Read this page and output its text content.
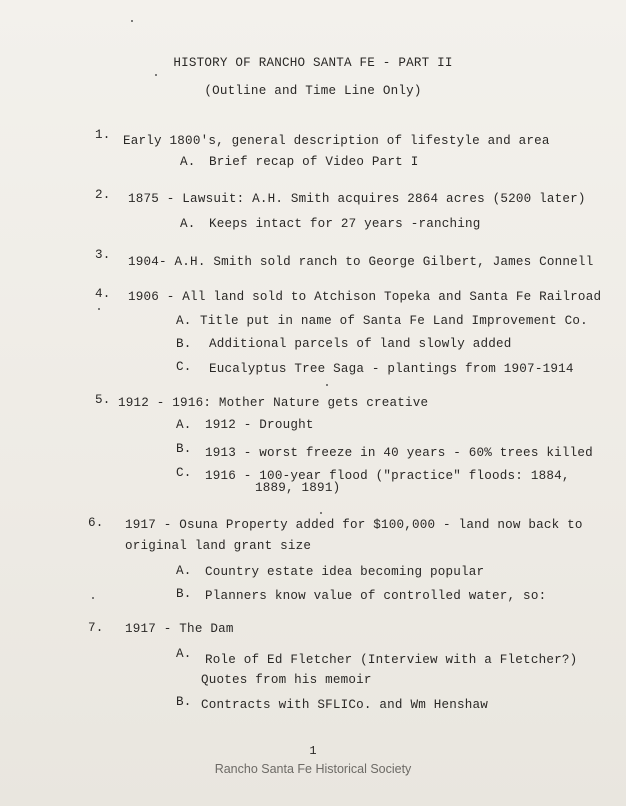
HISTORY OF RANCHO SANTA FE - PART II
(Outline and Time Line Only)
1. Early 1800's, general description of lifestyle and area
A. Brief recap of Video Part I
2. 1875 - Lawsuit: A.H. Smith acquires 2864 acres (5200 later)
A. Keeps intact for 27 years -ranching
3. 1904- A.H. Smith sold ranch to George Gilbert, James Connell
4. 1906 - All land sold to Atchison Topeka and Santa Fe Railroad
A. Title put in name of Santa Fe Land Improvement Co.
B. Additional parcels of land slowly added
C. Eucalyptus Tree Saga - plantings from 1907-1914
5. 1912 - 1916: Mother Nature gets creative
A. 1912 - Drought
B. 1913 - worst freeze in 40 years - 60% trees killed
C. 1916 - 100-year flood ("practice" floods: 1884,
1889, 1891)
6. 1917 - Osuna Property added for $100,000 - land now back to
original land grant size
A. Country estate idea becoming popular
B. Planners know value of controlled water, so:
7. 1917 - The Dam
A. Role of Ed Fletcher (Interview with a Fletcher?)
Quotes from his memoir
B. Contracts with SFLICo. and Wm Henshaw
1
Rancho Santa Fe Historical Society
